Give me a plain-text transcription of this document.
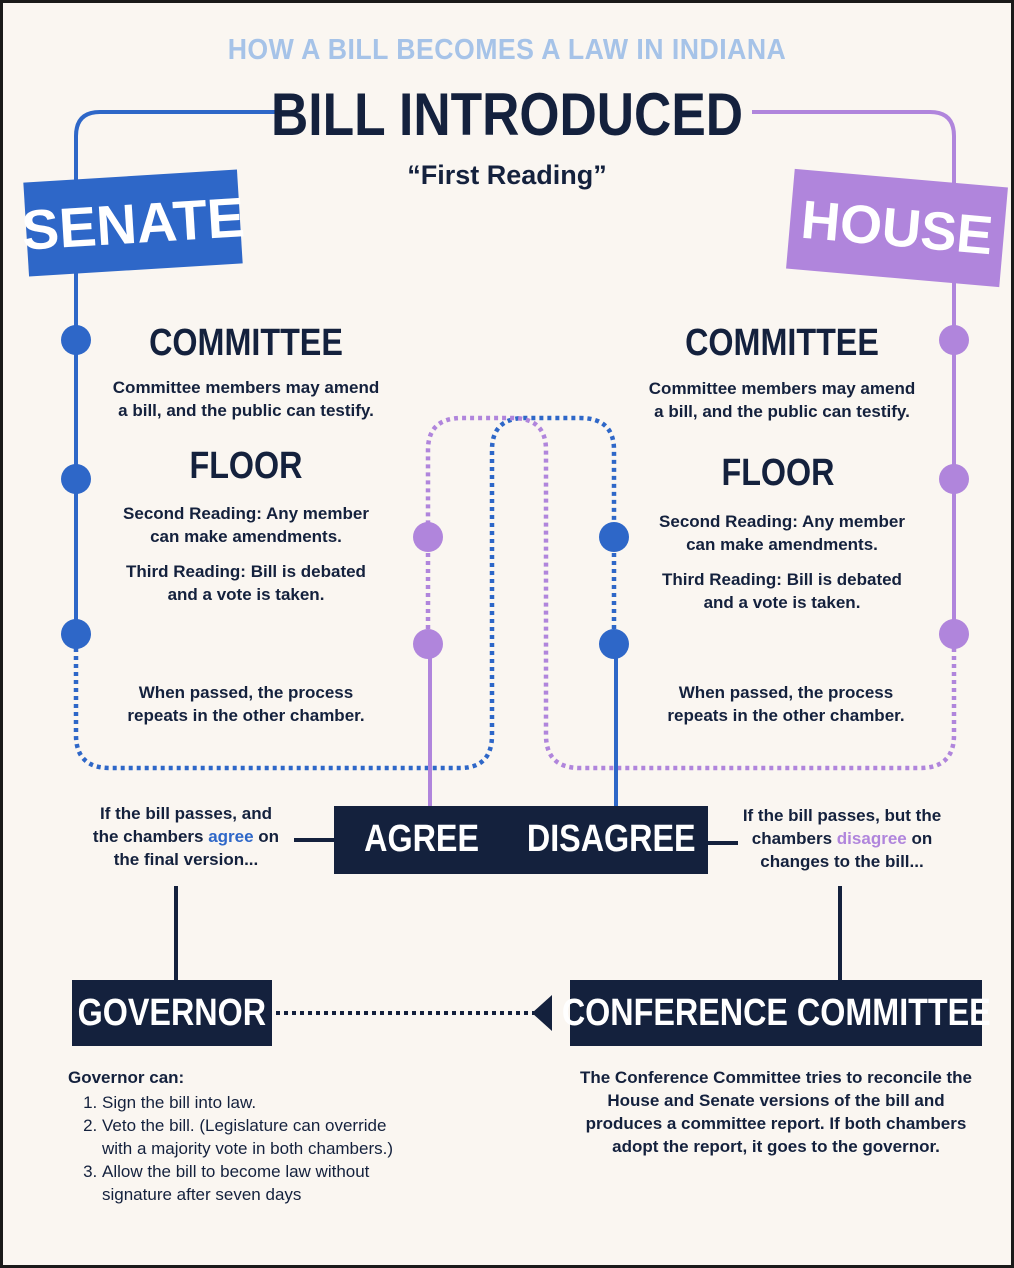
HOW A BILL BECOMES A LAW IN INDIANA
BILL INTRODUCED
“First Reading”
SENATE	HOUSE
COMMITTEE
Committee members may amend
a bill, and the public can testify.
FLOOR
Second Reading: Any member
can make amendments.
Third Reading: Bill is debated
and a vote is taken.
When passed, the process
repeats in the other chamber.
COMMITTEE
Committee members may amend
a bill, and the public can testify.
FLOOR
Second Reading: Any member
can make amendments.
Third Reading: Bill is debated
and a vote is taken.
When passed, the process
repeats in the other chamber.
If the bill passes, and
the chambers agree on
the final version...	AGREE DISAGREE
If the bill passes, but the
chambers disagree on
changes to the bill...
GOVERNOR
Governor can:
1. Sign the bill into law.
2. Veto the bill. (Legislature can override
with a majority vote in both chambers.)
3. Allow the bill to become law without
signature after seven days
CONFERENCE COMMITTEE
The Conference Committee tries to reconcile the
House and Senate versions of the bill and
produces a committee report. If both chambers
adopt the report, it goes to the governor.
